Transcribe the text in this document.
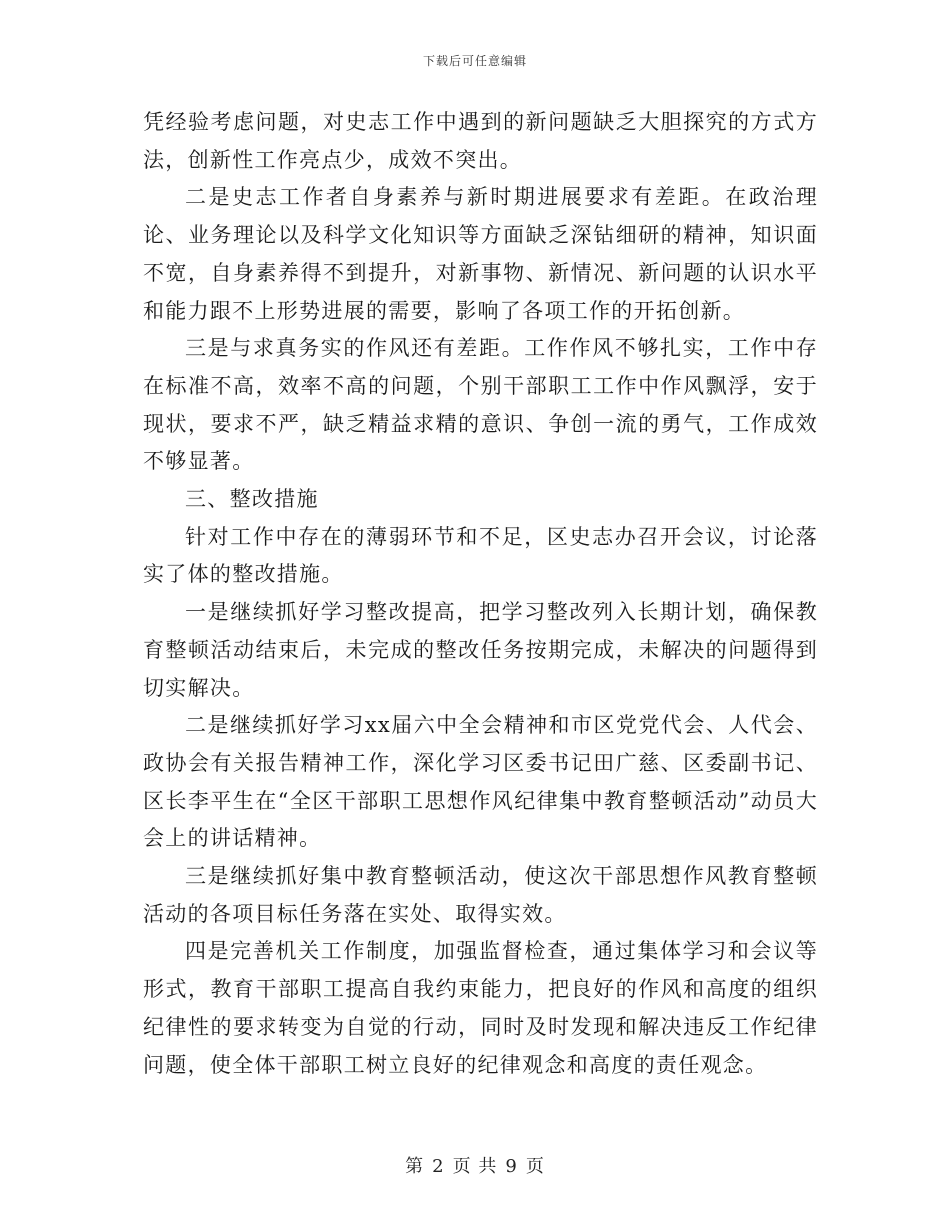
下载后可任意编辑

凭经验考虑问题，对史志工作中遇到的新问题缺乏大胆探究的方式方法，创新性工作亮点少，成效不突出。

二是史志工作者自身素养与新时期进展要求有差距。在政治理论、业务理论以及科学文化知识等方面缺乏深钻细研的精神，知识面不宽，自身素养得不到提升，对新事物、新情况、新问题的认识水平和能力跟不上形势进展的需要，影响了各项工作的开拓创新。

三是与求真务实的作风还有差距。工作作风不够扎实，工作中存在标准不高，效率不高的问题，个别干部职工工作中作风飘浮，安于现状，要求不严，缺乏精益求精的意识、争创一流的勇气，工作成效不够显著。

三、整改措施

针对工作中存在的薄弱环节和不足，区史志办召开会议，讨论落实了体的整改措施。

一是继续抓好学习整改提高，把学习整改列入长期计划，确保教育整顿活动结束后，未完成的整改任务按期完成，未解决的问题得到切实解决。

二是继续抓好学习xx届六中全会精神和市区党党代会、人代会、政协会有关报告精神工作，深化学习区委书记田广慈、区委副书记、区长李平生在“全区干部职工思想作风纪律集中教育整顿活动”动员大会上的讲话精神。

三是继续抓好集中教育整顿活动，使这次干部思想作风教育整顿活动的各项目标任务落在实处、取得实效。

四是完善机关工作制度，加强监督检查，通过集体学习和会议等形式，教育干部职工提高自我约束能力，把良好的作风和高度的组织纪律性的要求转变为自觉的行动，同时及时发现和解决违反工作纪律问题，使全体干部职工树立良好的纪律观念和高度的责任观念。

第 2 页 共 9 页
